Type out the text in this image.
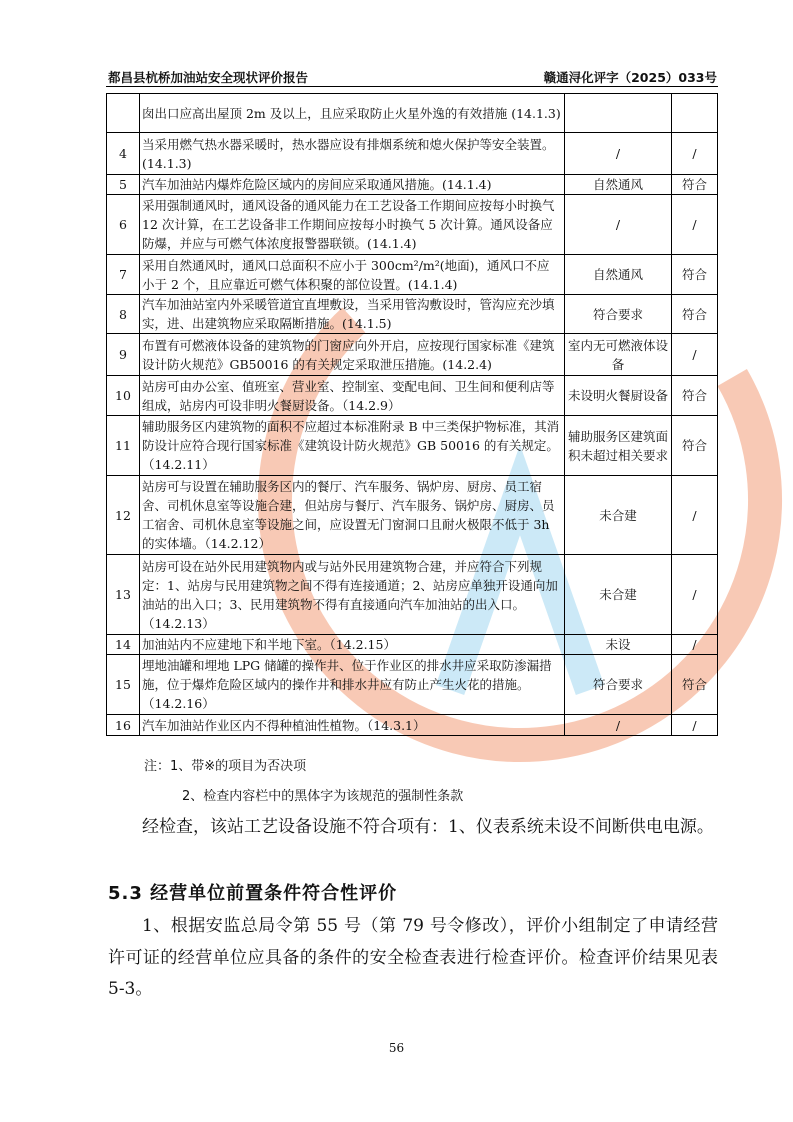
都昌县杭桥加油站安全现状评价报告	赣通浔化评字（2025）033号
	囱出口应高出屋顶 2m 及以上，且应采取防止火星外逸的有效措施 (14.1.3)		
4	当采用燃气热水器采暖时，热水器应设有排烟系统和熄火保护等安全装置。(14.1.3)	/	/
5	汽车加油站内爆炸危险区域内的房间应采取通风措施。(14.1.4)	自然通风	符合
6	采用强制通风时，通风设备的通风能力在工艺设备工作期间应按每小时换气 12 次计算，在工艺设备非工作期间应按每小时换气 5 次计算。通风设备应防爆，并应与可燃气体浓度报警器联锁。(14.1.4)	/	/
7	采用自然通风时，通风口总面积不应小于 300cm²/m²(地面)，通风口不应小于 2 个，且应靠近可燃气体积聚的部位设置。(14.1.4)	自然通风	符合
8	汽车加油站室内外采暖管道宜直埋敷设，当采用管沟敷设时，管沟应充沙填实，进、出建筑物应采取隔断措施。(14.1.5)	符合要求	符合
9	布置有可燃液体设备的建筑物的门窗应向外开启，应按现行国家标准《建筑设计防火规范》GB50016 的有关规定采取泄压措施。(14.2.4)	室内无可燃液体设备	/
10	站房可由办公室、值班室、营业室、控制室、变配电间、卫生间和便利店等组成，站房内可设非明火餐厨设备。（14.2.9）	未设明火餐厨设备	符合
11	辅助服务区内建筑物的面积不应超过本标准附录 B 中三类保护物标准，其消防设计应符合现行国家标准《建筑设计防火规范》GB 50016 的有关规定。（14.2.11）	辅助服务区建筑面积未超过相关要求	符合
12	站房可与设置在辅助服务区内的餐厅、汽车服务、锅炉房、厨房、员工宿舍、司机休息室等设施合建，但站房与餐厅、汽车服务、锅炉房、厨房、员工宿舍、司机休息室等设施之间，应设置无门窗洞口且耐火极限不低于 3h 的实体墙。（14.2.12）	未合建	/
13	站房可设在站外民用建筑物内或与站外民用建筑物合建，并应符合下列规定：1、站房与民用建筑物之间不得有连接通道；2、站房应单独开设通向加油站的出入口；3、民用建筑物不得有直接通向汽车加油站的出入口。（14.2.13）	未合建	/
14	加油站内不应建地下和半地下室。（14.2.15）	未设	/
15	埋地油罐和埋地 LPG 储罐的操作井、位于作业区的排水井应采取防渗漏措施，位于爆炸危险区域内的操作井和排水井应有防止产生火花的措施。（14.2.16）	符合要求	符合
16	汽车加油站作业区内不得种植油性植物。（14.3.1）	/	/
注：1、带※的项目为否决项
2、检查内容栏中的黑体字为该规范的强制性条款
经检查，该站工艺设备设施不符合项有：1、仪表系统未设不间断供电电源。
5.3 经营单位前置条件符合性评价
1、根据安监总局令第 55 号（第 79 号令修改），评价小组制定了申请经营许可证的经营单位应具备的条件的安全检查表进行检查评价。检查评价结果见表 5-3。
56
